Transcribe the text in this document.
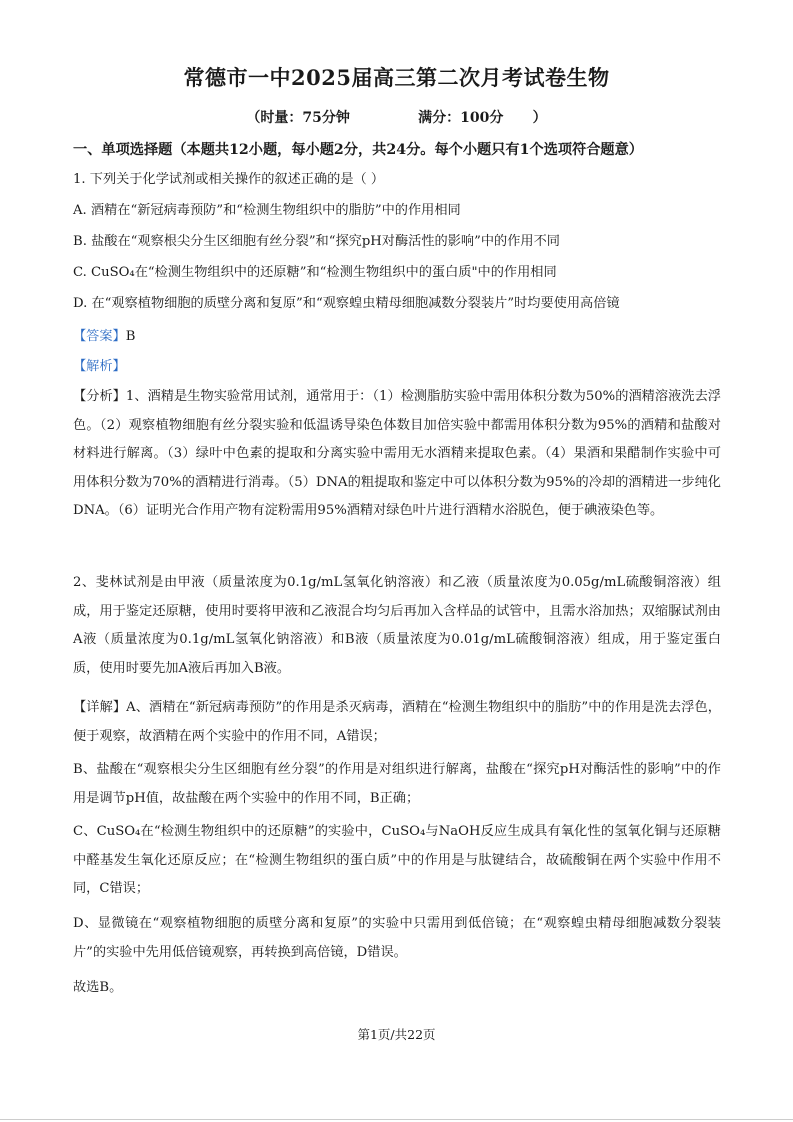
常德市一中2025届高三第二次月考试卷生物
（时量：75分钟              满分：100分      ）
一、单项选择题（本题共12小题，每小题2分，共24分。每个小题只有1个选项符合题意）
1. 下列关于化学试剂或相关操作的叙述正确的是（ ）
A. 酒精在“新冠病毒预防”和“检测生物组织中的脂肪”中的作用相同
B. 盐酸在“观察根尖分生区细胞有丝分裂”和“探究pH对酶活性的影响”中的作用不同
C. CuSO₄在“检测生物组织中的还原糖”和“检测生物组织中的蛋白质"中的作用相同
D. 在“观察植物细胞的质壁分离和复原”和“观察蝗虫精母细胞减数分裂装片”时均要使用高倍镜
【答案】B
【解析】
【分析】1、酒精是生物实验常用试剂，通常用于：（1）检测脂肪实验中需用体积分数为50%的酒精溶液洗去浮色。（2）观察植物细胞有丝分裂实验和低温诱导染色体数目加倍实验中都需用体积分数为95%的酒精和盐酸对材料进行解离。（3）绿叶中色素的提取和分离实验中需用无水酒精来提取色素。（4）果酒和果醋制作实验中可用体积分数为70%的酒精进行消毒。（5）DNA的粗提取和鉴定中可以体积分数为95%的冷却的酒精进一步纯化DNA。（6）证明光合作用产物有淀粉需用95%酒精对绿色叶片进行酒精水浴脱色，便于碘液染色等。
2、斐林试剂是由甲液（质量浓度为0.1g/mL氢氧化钠溶液）和乙液（质量浓度为0.05g/mL硫酸铜溶液）组成，用于鉴定还原糖，使用时要将甲液和乙液混合均匀后再加入含样品的试管中，且需水浴加热；双缩脲试剂由A液（质量浓度为0.1g/mL氢氧化钠溶液）和B液（质量浓度为0.01g/mL硫酸铜溶液）组成，用于鉴定蛋白质，使用时要先加A液后再加入B液。
【详解】A、酒精在“新冠病毒预防”的作用是杀灭病毒，酒精在“检测生物组织中的脂肪”中的作用是洗去浮色，便于观察，故酒精在两个实验中的作用不同，A错误；
B、盐酸在“观察根尖分生区细胞有丝分裂”的作用是对组织进行解离，盐酸在“探究pH对酶活性的影响”中的作用是调节pH值，故盐酸在两个实验中的作用不同，B正确；
C、CuSO₄在“检测生物组织中的还原糖”的实验中，CuSO₄与NaOH反应生成具有氧化性的氢氧化铜与还原糖中醛基发生氧化还原反应；在“检测生物组织的蛋白质”中的作用是与肽键结合，故硫酸铜在两个实验中作用不同，C错误；
D、显微镜在“观察植物细胞的质壁分离和复原”的实验中只需用到低倍镜；在“观察蝗虫精母细胞减数分裂装片”的实验中先用低倍镜观察，再转换到高倍镜，D错误。
故选B。
第1页/共22页
